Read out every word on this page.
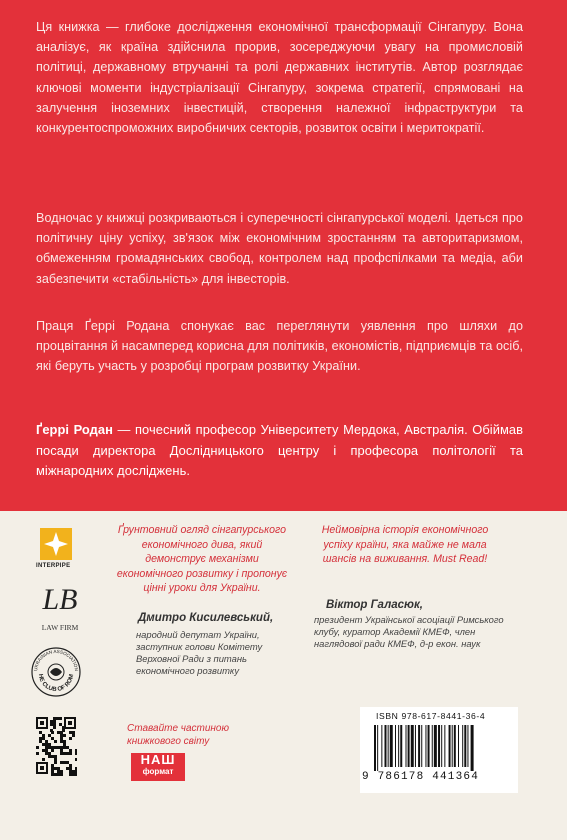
Ця книжка — глибоке дослідження економічної трансформації Сінгапуру. Вона аналізує, як країна здійснила прорив, зосереджуючи увагу на промисловій політиці, державному втручанні та ролі державних інститутів. Автор розглядає ключові моменти індустріалізації Сінгапуру, зокрема стратегії, спрямовані на залучення іноземних інвестицій, створення належної інфраструктури та конкурентоспроможних виробничих секторів, розвиток освіти і меритократії.

Водночас у книжці розкриваються і суперечності сінгапурської моделі. Ідеться про політичну ціну успіху, зв'язок між економічним зростанням та авторитаризмом, обмеженням громадянських свобод, контролем над профспілками та медіа, аби забезпечити «стабільність» для інвесторів.

Праця Ґеррі Родана спонукає вас переглянути уявлення про шляхи до процвітання й насамперед корисна для політиків, економістів, підприємців та осіб, які беруть участь у розробці програм розвитку України.

Ґеррі Родан — почесний професор Університету Мердока, Австралія. Обіймав посади директора Дослідницького центру і професора політології та міжнародних досліджень.

INTERPIPE
LB
LAW FIRM
UKRAINIAN ASSOCIATION
HE CLUB OF ROM

Ґрунтовний огляд сінгапурського економічного дива, який демонструє механізми економічного розвитку і пропонує цінні уроки для України.

Дмитро Кисилевський,

народний депутат України, заступник голови Комітету Верховної Ради з питань економічного розвитку

Неймовірна історія економічного успіху країни, яка майже не мала шансів на виживання. Must Read!

Віктор Галасюк,

президент Української асоціації Римського клубу, куратор Академії КМЕФ, член наглядової ради КМЕФ, д-р екон. наук

Ставайте частиною книжкового світу
НАШ
формат
ISBN 978-617-8441-36-4
9 786178 441364
